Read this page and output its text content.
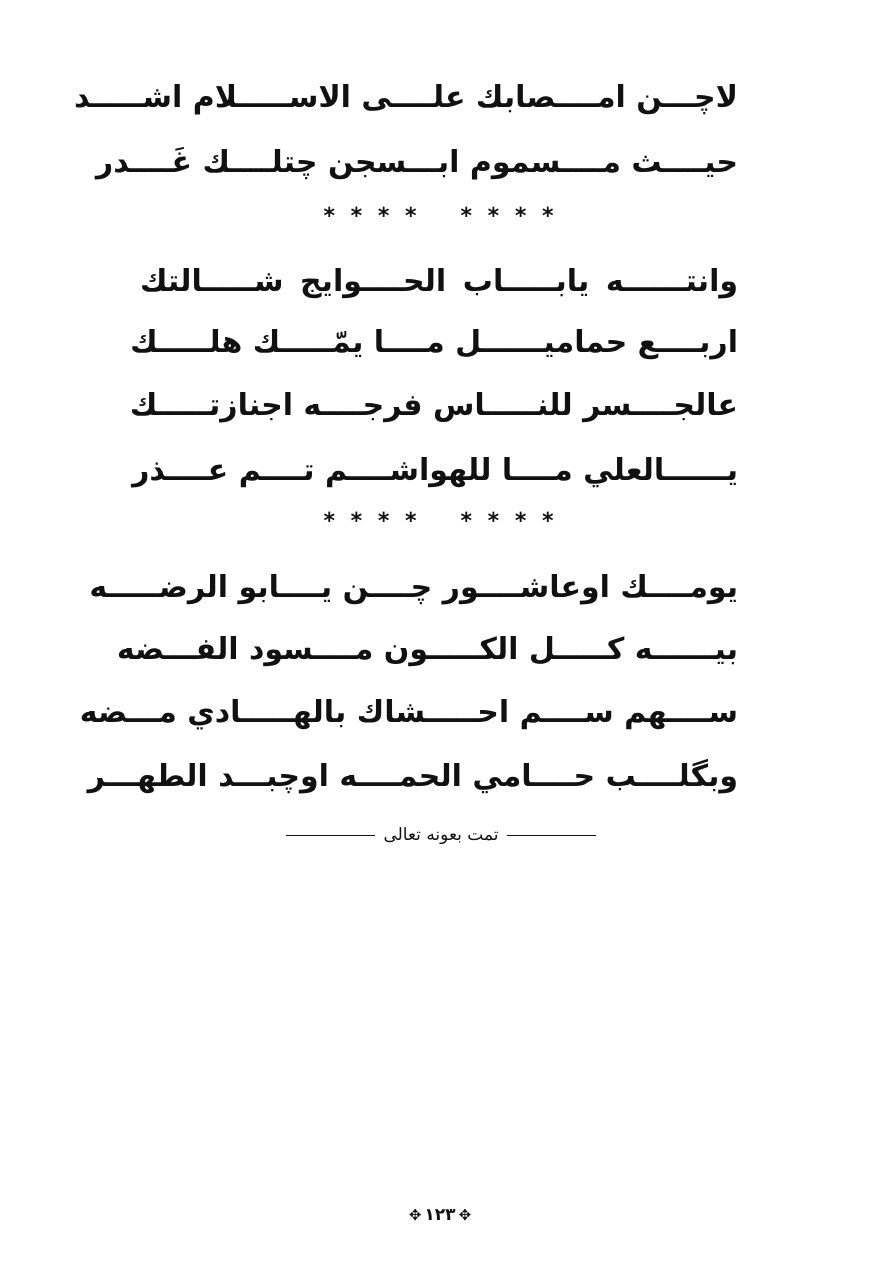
لاچـــن امــــصابك علــــى الاســـــلام اشـــــد
حيــــث مــــسموم ابـــسجن چتلــــك غَــــدر
* * * * * * * *
وانتــــــه يابـــــاب الحــــوايج شـــــالتك
اربــــع حماميــــــل مــــا يمّـــــك هلـــــك
عالجــــسر للنـــــاس فرجــــه اجنازتـــــك
يــــــالعلي مــــا للهواشــــم تــــم عــــذر
* * * * * * * *
يومــــك اوعاشــــور چــــن يــــابو الرضـــــه
بيــــــه كـــــل الكـــــون مــــسود الفـــضه
ســــهم ســــم احـــــشاك بالهـــــادي مـــضه
وبگلــــب حــــامي الحمــــه اوچبـــد الطهـــر
تمت بعونه تعالى
✥ ١٢٣ ✥
